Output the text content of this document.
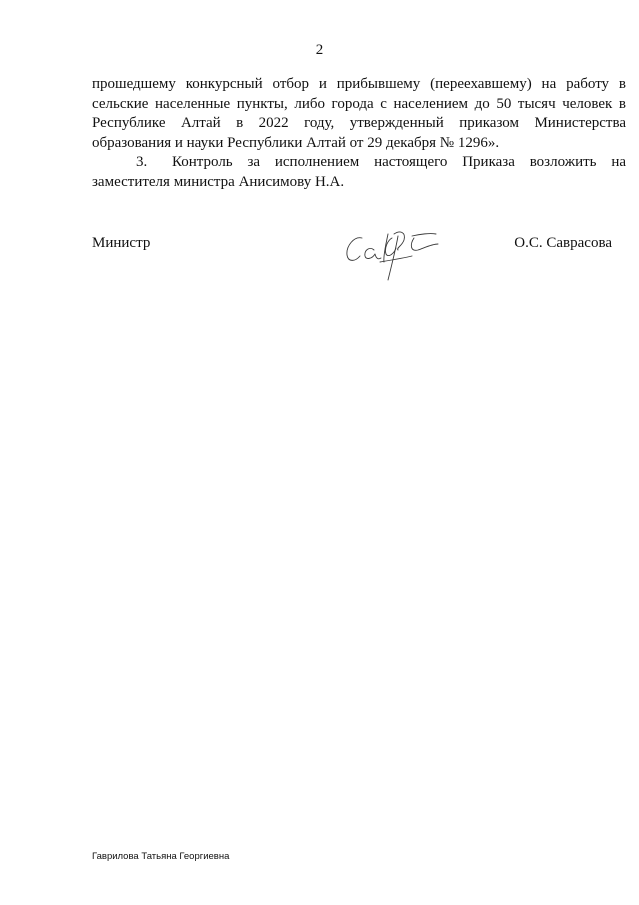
2

прошедшему конкурсный отбор и прибывшему (переехавшему) на работу в сельские населенные пункты, либо города с населением до 50 тысяч человек в Республике Алтай в 2022 году, утвержденный приказом Министерства образования и науки Республики Алтай от 29 декабря № 1296».

3. Контроль за исполнением настоящего Приказа возложить на заместителя министра Анисимову Н.А.

Министр	О.С. Саврасова
Гаврилова Татьяна Георгиевна
